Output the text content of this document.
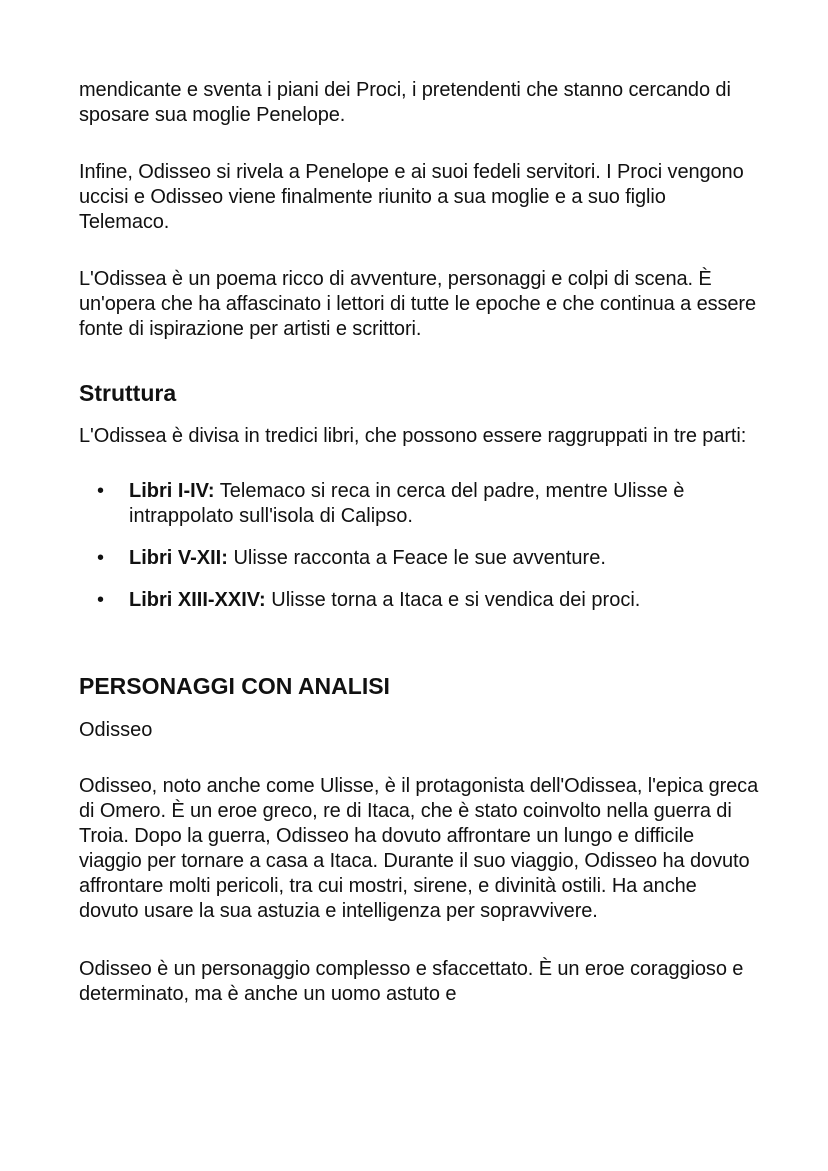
mendicante e sventa i piani dei Proci, i pretendenti che stanno cercando di sposare sua moglie Penelope.

Infine, Odisseo si rivela a Penelope e ai suoi fedeli servitori. I Proci vengono uccisi e Odisseo viene finalmente riunito a sua moglie e a suo figlio Telemaco.

L'Odissea è un poema ricco di avventure, personaggi e colpi di scena. È un'opera che ha affascinato i lettori di tutte le epoche e che continua a essere fonte di ispirazione per artisti e scrittori.

Struttura

L'Odissea è divisa in tredici libri, che possono essere raggruppati in tre parti:

• Libri I-IV: Telemaco si reca in cerca del padre, mentre Ulisse è intrappolato sull'isola di Calipso.
• Libri V-XII: Ulisse racconta a Feace le sue avventure.
• Libri XIII-XXIV: Ulisse torna a Itaca e si vendica dei proci.
PERSONAGGI CON ANALISI
Odisseo

Odisseo, noto anche come Ulisse, è il protagonista dell'Odissea, l'epica greca di Omero. È un eroe greco, re di Itaca, che è stato coinvolto nella guerra di Troia. Dopo la guerra, Odisseo ha dovuto affrontare un lungo e difficile viaggio per tornare a casa a Itaca. Durante il suo viaggio, Odisseo ha dovuto affrontare molti pericoli, tra cui mostri, sirene, e divinità ostili. Ha anche dovuto usare la sua astuzia e intelligenza per sopravvivere.

Odisseo è un personaggio complesso e sfaccettato. È un eroe coraggioso e determinato, ma è anche un uomo astuto e
